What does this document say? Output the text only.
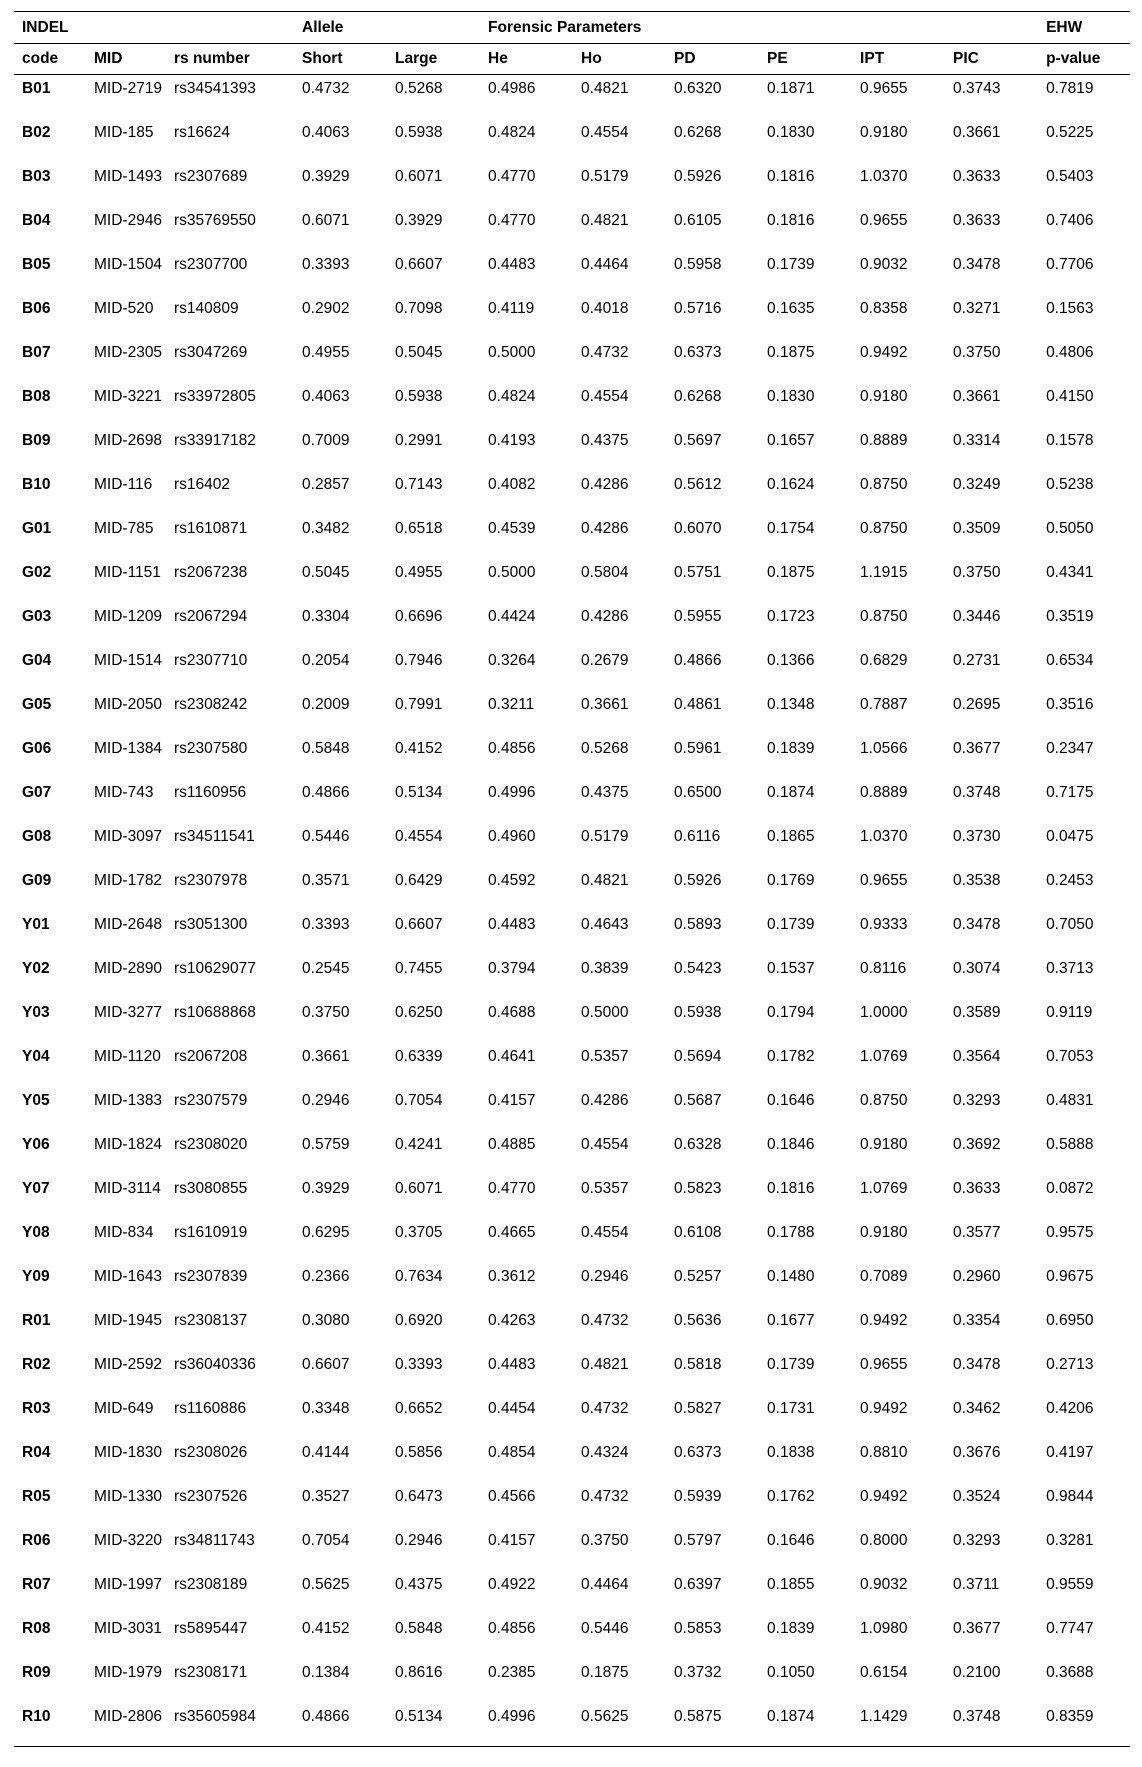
INDEL			Allele		Forensic Parameters						EHW
code	MID	rs number	Short	Large	He	Ho	PD	PE	IPT	PIC	p-value
B01	MID-2719	rs34541393	0.4732	0.5268	0.4986	0.4821	0.6320	0.1871	0.9655	0.3743	0.7819
B02	MID-185	rs16624	0.4063	0.5938	0.4824	0.4554	0.6268	0.1830	0.9180	0.3661	0.5225
B03	MID-1493	rs2307689	0.3929	0.6071	0.4770	0.5179	0.5926	0.1816	1.0370	0.3633	0.5403
B04	MID-2946	rs35769550	0.6071	0.3929	0.4770	0.4821	0.6105	0.1816	0.9655	0.3633	0.7406
B05	MID-1504	rs2307700	0.3393	0.6607	0.4483	0.4464	0.5958	0.1739	0.9032	0.3478	0.7706
B06	MID-520	rs140809	0.2902	0.7098	0.4119	0.4018	0.5716	0.1635	0.8358	0.3271	0.1563
B07	MID-2305	rs3047269	0.4955	0.5045	0.5000	0.4732	0.6373	0.1875	0.9492	0.3750	0.4806
B08	MID-3221	rs33972805	0.4063	0.5938	0.4824	0.4554	0.6268	0.1830	0.9180	0.3661	0.4150
B09	MID-2698	rs33917182	0.7009	0.2991	0.4193	0.4375	0.5697	0.1657	0.8889	0.3314	0.1578
B10	MID-116	rs16402	0.2857	0.7143	0.4082	0.4286	0.5612	0.1624	0.8750	0.3249	0.5238
G01	MID-785	rs1610871	0.3482	0.6518	0.4539	0.4286	0.6070	0.1754	0.8750	0.3509	0.5050
G02	MID-1151	rs2067238	0.5045	0.4955	0.5000	0.5804	0.5751	0.1875	1.1915	0.3750	0.4341
G03	MID-1209	rs2067294	0.3304	0.6696	0.4424	0.4286	0.5955	0.1723	0.8750	0.3446	0.3519
G04	MID-1514	rs2307710	0.2054	0.7946	0.3264	0.2679	0.4866	0.1366	0.6829	0.2731	0.6534
G05	MID-2050	rs2308242	0.2009	0.7991	0.3211	0.3661	0.4861	0.1348	0.7887	0.2695	0.3516
G06	MID-1384	rs2307580	0.5848	0.4152	0.4856	0.5268	0.5961	0.1839	1.0566	0.3677	0.2347
G07	MID-743	rs1160956	0.4866	0.5134	0.4996	0.4375	0.6500	0.1874	0.8889	0.3748	0.7175
G08	MID-3097	rs34511541	0.5446	0.4554	0.4960	0.5179	0.6116	0.1865	1.0370	0.3730	0.0475
G09	MID-1782	rs2307978	0.3571	0.6429	0.4592	0.4821	0.5926	0.1769	0.9655	0.3538	0.2453
Y01	MID-2648	rs3051300	0.3393	0.6607	0.4483	0.4643	0.5893	0.1739	0.9333	0.3478	0.7050
Y02	MID-2890	rs10629077	0.2545	0.7455	0.3794	0.3839	0.5423	0.1537	0.8116	0.3074	0.3713
Y03	MID-3277	rs10688868	0.3750	0.6250	0.4688	0.5000	0.5938	0.1794	1.0000	0.3589	0.9119
Y04	MID-1120	rs2067208	0.3661	0.6339	0.4641	0.5357	0.5694	0.1782	1.0769	0.3564	0.7053
Y05	MID-1383	rs2307579	0.2946	0.7054	0.4157	0.4286	0.5687	0.1646	0.8750	0.3293	0.4831
Y06	MID-1824	rs2308020	0.5759	0.4241	0.4885	0.4554	0.6328	0.1846	0.9180	0.3692	0.5888
Y07	MID-3114	rs3080855	0.3929	0.6071	0.4770	0.5357	0.5823	0.1816	1.0769	0.3633	0.0872
Y08	MID-834	rs1610919	0.6295	0.3705	0.4665	0.4554	0.6108	0.1788	0.9180	0.3577	0.9575
Y09	MID-1643	rs2307839	0.2366	0.7634	0.3612	0.2946	0.5257	0.1480	0.7089	0.2960	0.9675
R01	MID-1945	rs2308137	0.3080	0.6920	0.4263	0.4732	0.5636	0.1677	0.9492	0.3354	0.6950
R02	MID-2592	rs36040336	0.6607	0.3393	0.4483	0.4821	0.5818	0.1739	0.9655	0.3478	0.2713
R03	MID-649	rs1160886	0.3348	0.6652	0.4454	0.4732	0.5827	0.1731	0.9492	0.3462	0.4206
R04	MID-1830	rs2308026	0.4144	0.5856	0.4854	0.4324	0.6373	0.1838	0.8810	0.3676	0.4197
R05	MID-1330	rs2307526	0.3527	0.6473	0.4566	0.4732	0.5939	0.1762	0.9492	0.3524	0.9844
R06	MID-3220	rs34811743	0.7054	0.2946	0.4157	0.3750	0.5797	0.1646	0.8000	0.3293	0.3281
R07	MID-1997	rs2308189	0.5625	0.4375	0.4922	0.4464	0.6397	0.1855	0.9032	0.3711	0.9559
R08	MID-3031	rs5895447	0.4152	0.5848	0.4856	0.5446	0.5853	0.1839	1.0980	0.3677	0.7747
R09	MID-1979	rs2308171	0.1384	0.8616	0.2385	0.1875	0.3732	0.1050	0.6154	0.2100	0.3688
R10	MID-2806	rs35605984	0.4866	0.5134	0.4996	0.5625	0.5875	0.1874	1.1429	0.3748	0.8359
